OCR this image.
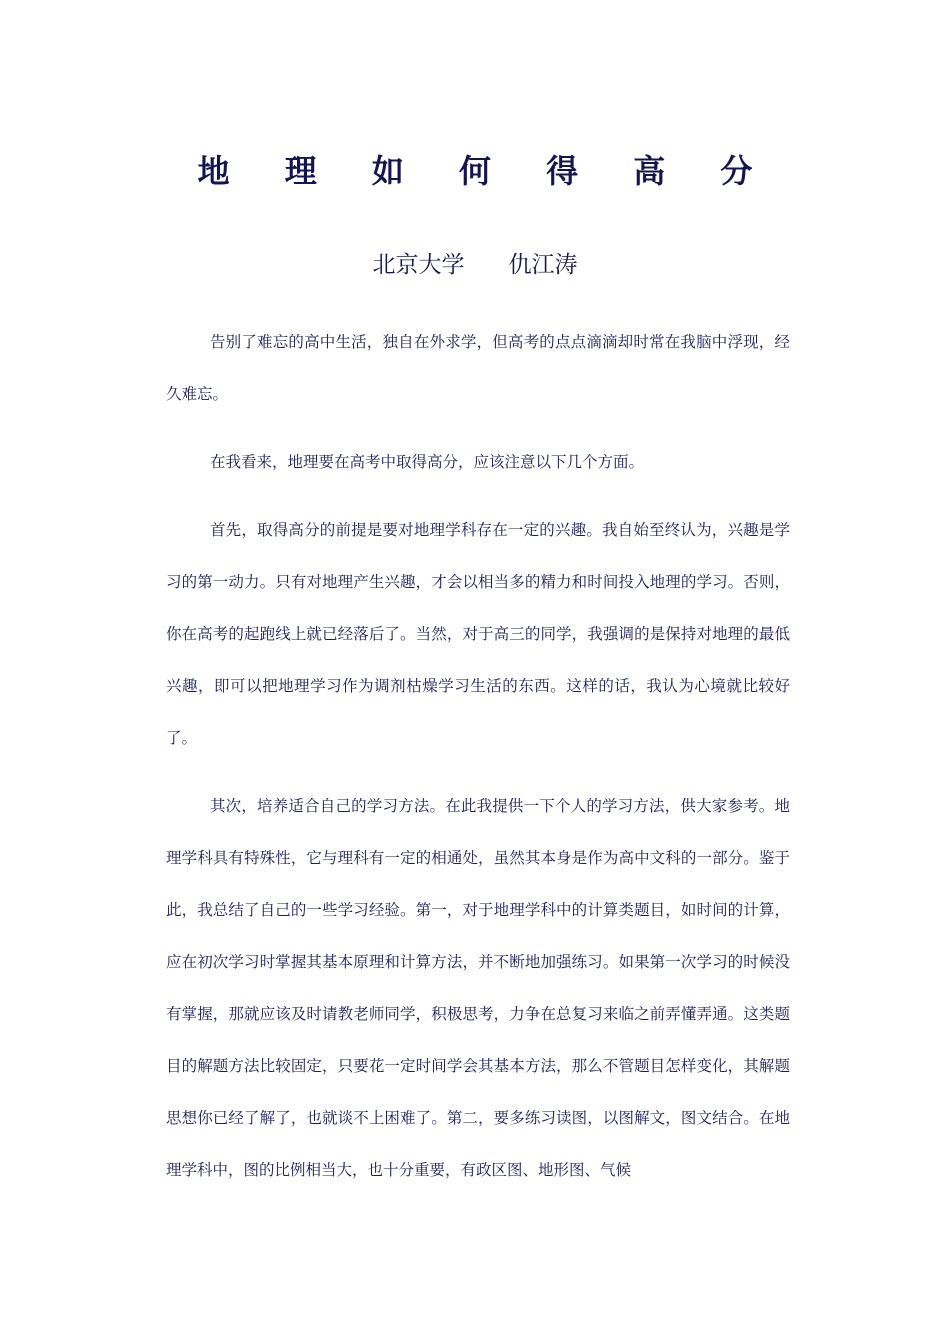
地 理 如 何 得 高 分
北京大学 仇江涛

告别了难忘的高中生活，独自在外求学，但高考的点点滴滴却时常在我脑中浮现，经久难忘。

在我看来，地理要在高考中取得高分，应该注意以下几个方面。

首先，取得高分的前提是要对地理学科存在一定的兴趣。我自始至终认为，兴趣是学习的第一动力。只有对地理产生兴趣，才会以相当多的精力和时间投入地理的学习。否则，你在高考的起跑线上就已经落后了。当然，对于高三的同学，我强调的是保持对地理的最低兴趣，即可以把地理学习作为调剂枯燥学习生活的东西。这样的话，我认为心境就比较好了。

其次，培养适合自己的学习方法。在此我提供一下个人的学习方法，供大家参考。地理学科具有特殊性，它与理科有一定的相通处，虽然其本身是作为高中文科的一部分。鉴于此，我总结了自己的一些学习经验。第一，对于地理学科中的计算类题目，如时间的计算，应在初次学习时掌握其基本原理和计算方法，并不断地加强练习。如果第一次学习的时候没有掌握，那就应该及时请教老师同学，积极思考，力争在总复习来临之前弄懂弄通。这类题目的解题方法比较固定，只要花一定时间学会其基本方法，那么不管题目怎样变化，其解题思想你已经了解了，也就谈不上困难了。第二，要多练习读图，以图解文，图文结合。在地理学科中，图的比例相当大，也十分重要，有政区图、地形图、气候
